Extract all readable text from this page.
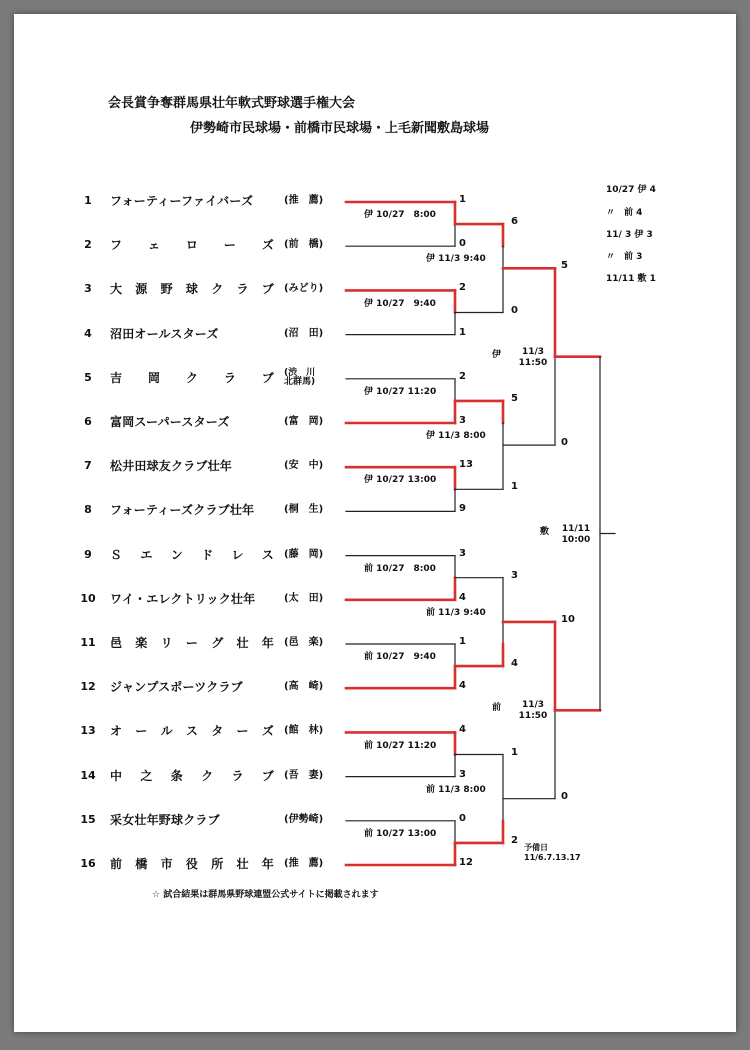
会長賞争奪群馬県壮年軟式野球選手権大会
伊勢崎市民球場・前橋市民球場・上毛新聞敷島球場
1	フォーティーファイバーズ	(推　薦)
2	フ ェ ロ ー ズ (前　橋)
3	大 源 野 球 ク ラ ブ (みどり)
4	沼田オールスターズ	(沼　田)
5	吉 岡 ク ラ ブ (渋　川
北群馬)
6	富岡スーパースターズ	(富　岡)
7	松井田球友クラブ壮年	(安　中)
8	フォーティーズクラブ壮年	(桐　生)
9	Ｓ エ ン ド レ ス (藤　岡)
10	ワイ・エレクトリック壮年	(太　田)
11	邑 楽 リ ー グ 壮 年 (邑　楽)
12	ジャンプスポーツクラブ	(高　崎)
13	オ ー ル ス タ ー ズ (館　林)
14	中 之 条 ク ラ ブ (吾　妻)
15	采女壮年野球クラブ	(伊勢崎)
16	前 橋 市 役 所 壮 年 (推　薦)
1
0
伊 10/27　8:00
2
1
伊 10/27　9:40
2
3
伊 10/27 11:20
13
9
伊 10/27 13:00
3
4
前 10/27　8:00
1
4
前 10/27　9:40
4
3
前 10/27 11:20
0
12
前 10/27 13:00
6
0
伊 11/3 9:40
5
1
伊 11/3 8:00
3
4
前 11/3 9:40
1
2
前 11/3 8:00
5
0
伊	11/3
11:50
10
0
前	11/3
11:50
敷	11/11
10:00
10/27 伊 4
〃　前 4
11/ 3 伊 3
〃　前 3
11/11 敷 1
予備日
11/6.7.13.17
☆ 試合結果は群馬県野球連盟公式サイトに掲載されます
